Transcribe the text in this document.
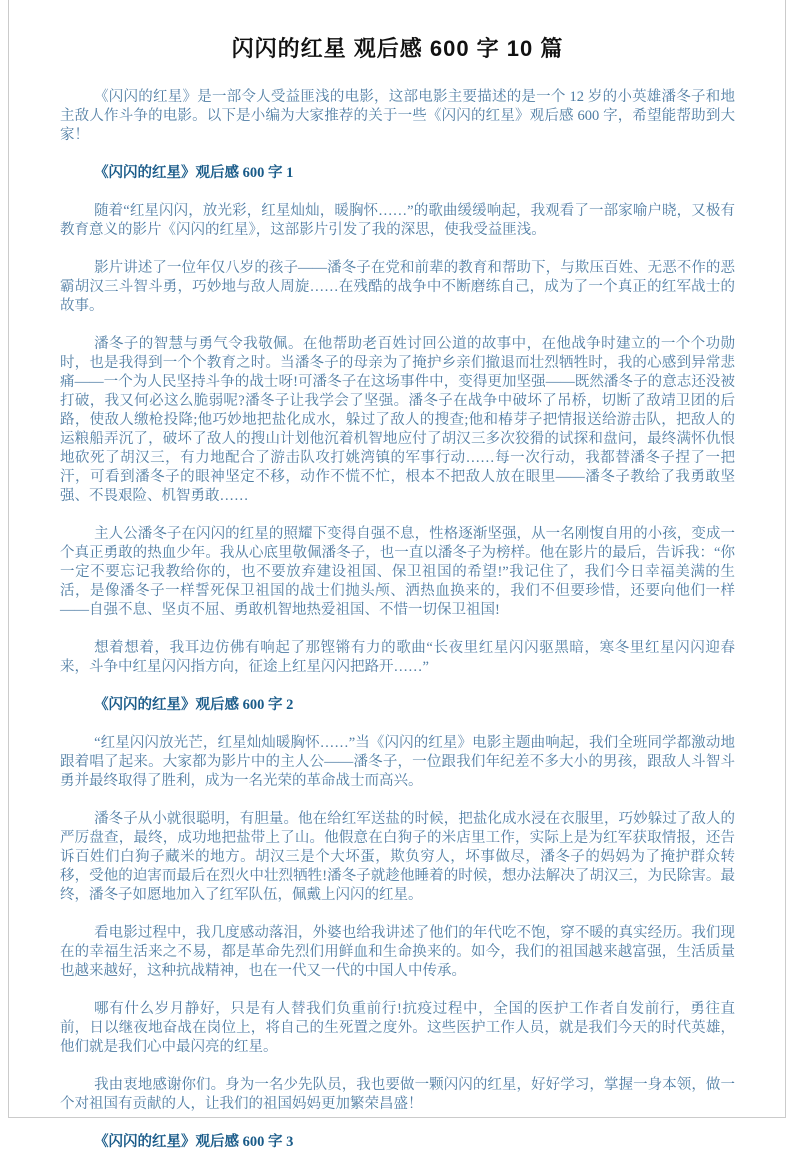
闪闪的红星 观后感 600 字 10 篇

《闪闪的红星》是一部令人受益匪浅的电影，这部电影主要描述的是一个 12 岁的小英雄潘冬子和地主敌人作斗争的电影。以下是小编为大家推荐的关于一些《闪闪的红星》观后感 600 字，希望能帮助到大家！

《闪闪的红星》观后感 600 字 1

随着“红星闪闪，放光彩，红星灿灿，暖胸怀……”的歌曲缓缓响起，我观看了一部家喻户晓，又极有教育意义的影片《闪闪的红星》，这部影片引发了我的深思，使我受益匪浅。

影片讲述了一位年仅八岁的孩子——潘冬子在党和前辈的教育和帮助下，与欺压百姓、无恶不作的恶霸胡汉三斗智斗勇，巧妙地与敌人周旋……在残酷的战争中不断磨练自己，成为了一个真正的红军战士的故事。

潘冬子的智慧与勇气令我敬佩。在他帮助老百姓讨回公道的故事中，在他战争时建立的一个个功勋时，也是我得到一个个教育之时。当潘冬子的母亲为了掩护乡亲们撤退而壮烈牺牲时，我的心感到异常悲痛——一个为人民坚持斗争的战士呀!可潘冬子在这场事件中，变得更加坚强——既然潘冬子的意志还没被打破，我又何必这么脆弱呢?潘冬子让我学会了坚强。潘冬子在战争中破坏了吊桥，切断了敌靖卫团的后路，使敌人缴枪投降;他巧妙地把盐化成水，躲过了敌人的搜查;他和椿芽子把情报送给游击队，把敌人的运粮船弄沉了，破坏了敌人的搜山计划他沉着机智地应付了胡汉三多次狡猾的试探和盘问，最终满怀仇恨地砍死了胡汉三，有力地配合了游击队攻打姚湾镇的军事行动……每一次行动，我都替潘冬子捏了一把汗，可看到潘冬子的眼神坚定不移，动作不慌不忙，根本不把敌人放在眼里——潘冬子教给了我勇敢坚强、不畏艰险、机智勇敢……

主人公潘冬子在闪闪的红星的照耀下变得自强不息，性格逐渐坚强，从一名刚愎自用的小孩，变成一个真正勇敢的热血少年。我从心底里敬佩潘冬子，也一直以潘冬子为榜样。他在影片的最后，告诉我：“你一定不要忘记我教给你的，也不要放弃建设祖国、保卫祖国的希望!”我记住了，我们今日幸福美满的生活，是像潘冬子一样誓死保卫祖国的战士们抛头颅、洒热血换来的，我们不但要珍惜，还要向他们一样——自强不息、坚贞不屈、勇敢机智地热爱祖国、不惜一切保卫祖国!

想着想着，我耳边仿佛有响起了那铿锵有力的歌曲“长夜里红星闪闪驱黑暗，寒冬里红星闪闪迎春来，斗争中红星闪闪指方向，征途上红星闪闪把路开……”

《闪闪的红星》观后感 600 字 2

“红星闪闪放光芒，红星灿灿暖胸怀……”当《闪闪的红星》电影主题曲响起，我们全班同学都激动地跟着唱了起来。大家都为影片中的主人公——潘冬子，一位跟我们年纪差不多大小的男孩，跟敌人斗智斗勇并最终取得了胜利，成为一名光荣的革命战士而高兴。

潘冬子从小就很聪明，有胆量。他在给红军送盐的时候，把盐化成水浸在衣服里，巧妙躲过了敌人的严厉盘查，最终，成功地把盐带上了山。他假意在白狗子的米店里工作，实际上是为红军获取情报，还告诉百姓们白狗子藏米的地方。胡汉三是个大坏蛋，欺负穷人，坏事做尽，潘冬子的妈妈为了掩护群众转移，受他的迫害而最后在烈火中壮烈牺牲!潘冬子就趁他睡着的时候，想办法解决了胡汉三，为民除害。最终，潘冬子如愿地加入了红军队伍，佩戴上闪闪的红星。

看电影过程中，我几度感动落泪，外婆也给我讲述了他们的年代吃不饱，穿不暖的真实经历。我们现在的幸福生活来之不易，都是革命先烈们用鲜血和生命换来的。如今，我们的祖国越来越富强，生活质量也越来越好，这种抗战精神，也在一代又一代的中国人中传承。

哪有什么岁月静好，只是有人替我们负重前行!抗疫过程中，全国的医护工作者自发前行，勇往直前，日以继夜地奋战在岗位上，将自己的生死置之度外。这些医护工作人员，就是我们今天的时代英雄，他们就是我们心中最闪亮的红星。

我由衷地感谢你们。身为一名少先队员，我也要做一颗闪闪的红星，好好学习，掌握一身本领，做一个对祖国有贡献的人，让我们的祖国妈妈更加繁荣昌盛！

《闪闪的红星》观后感 600 字 3
